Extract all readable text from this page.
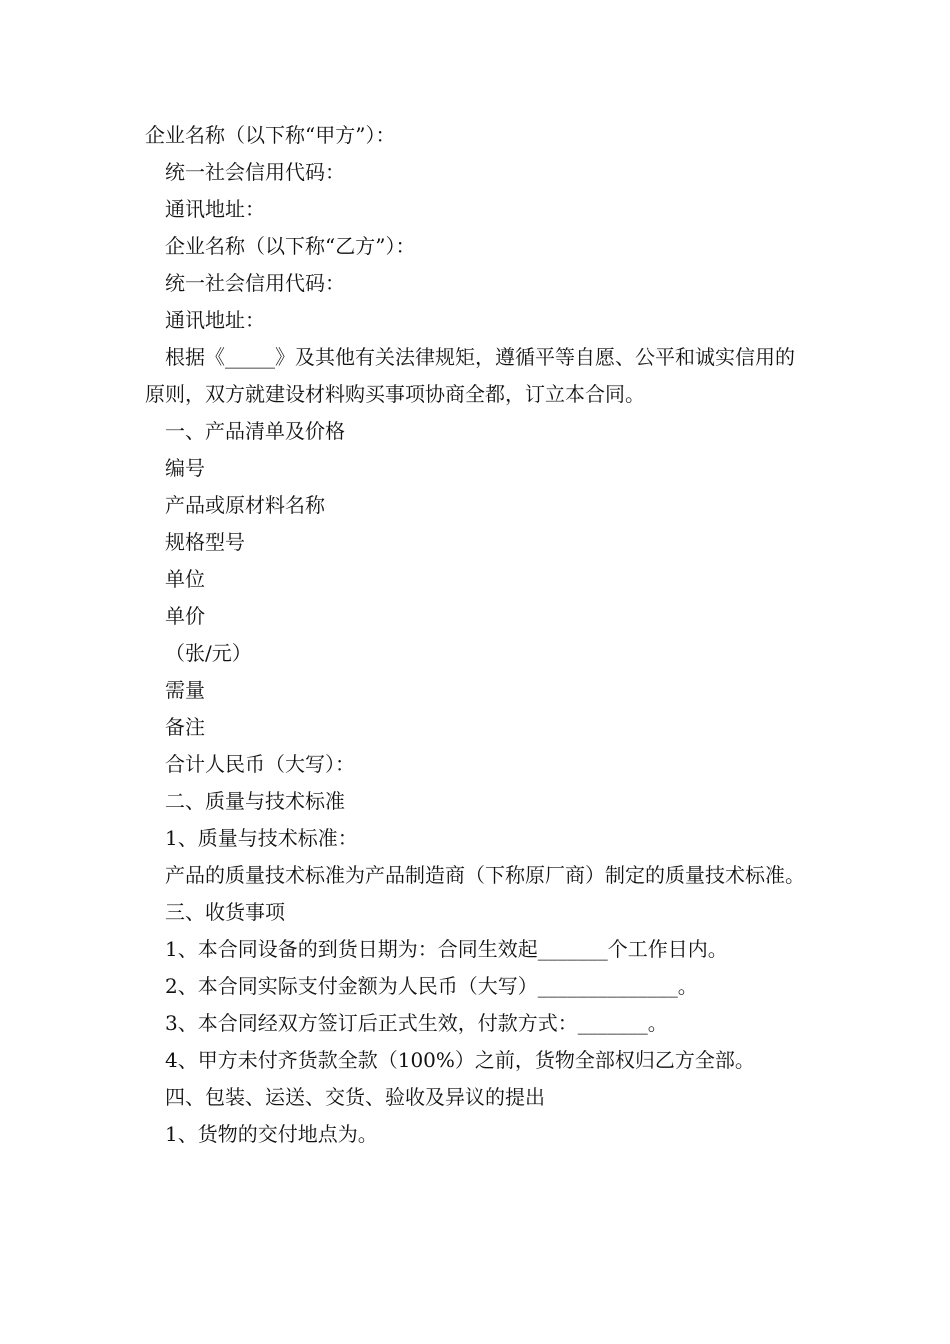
企业名称（以下称“甲方”）：

统一社会信用代码：

通讯地址：

企业名称（以下称“乙方”）：

统一社会信用代码：

通讯地址：

根据《_____》及其他有关法律规矩，遵循平等自愿、公平和诚实信用的原则，双方就建设材料购买事项协商全都，订立本合同。

一、产品清单及价格

编号

产品或原材料名称

规格型号

单位

单价

（张/元）

需量

备注

合计人民币（大写）：

二、质量与技术标准

1、质量与技术标准：

产品的质量技术标准为产品制造商（下称原厂商）制定的质量技术标准。

三、收货事项

1、本合同设备的到货日期为：合同生效起_______个工作日内。

2、本合同实际支付金额为人民币（大写）______________。

3、本合同经双方签订后正式生效，付款方式：_______。

4、甲方未付齐货款全款（100%）之前，货物全部权归乙方全部。

四、包装、运送、交货、验收及异议的提出

1、货物的交付地点为。
